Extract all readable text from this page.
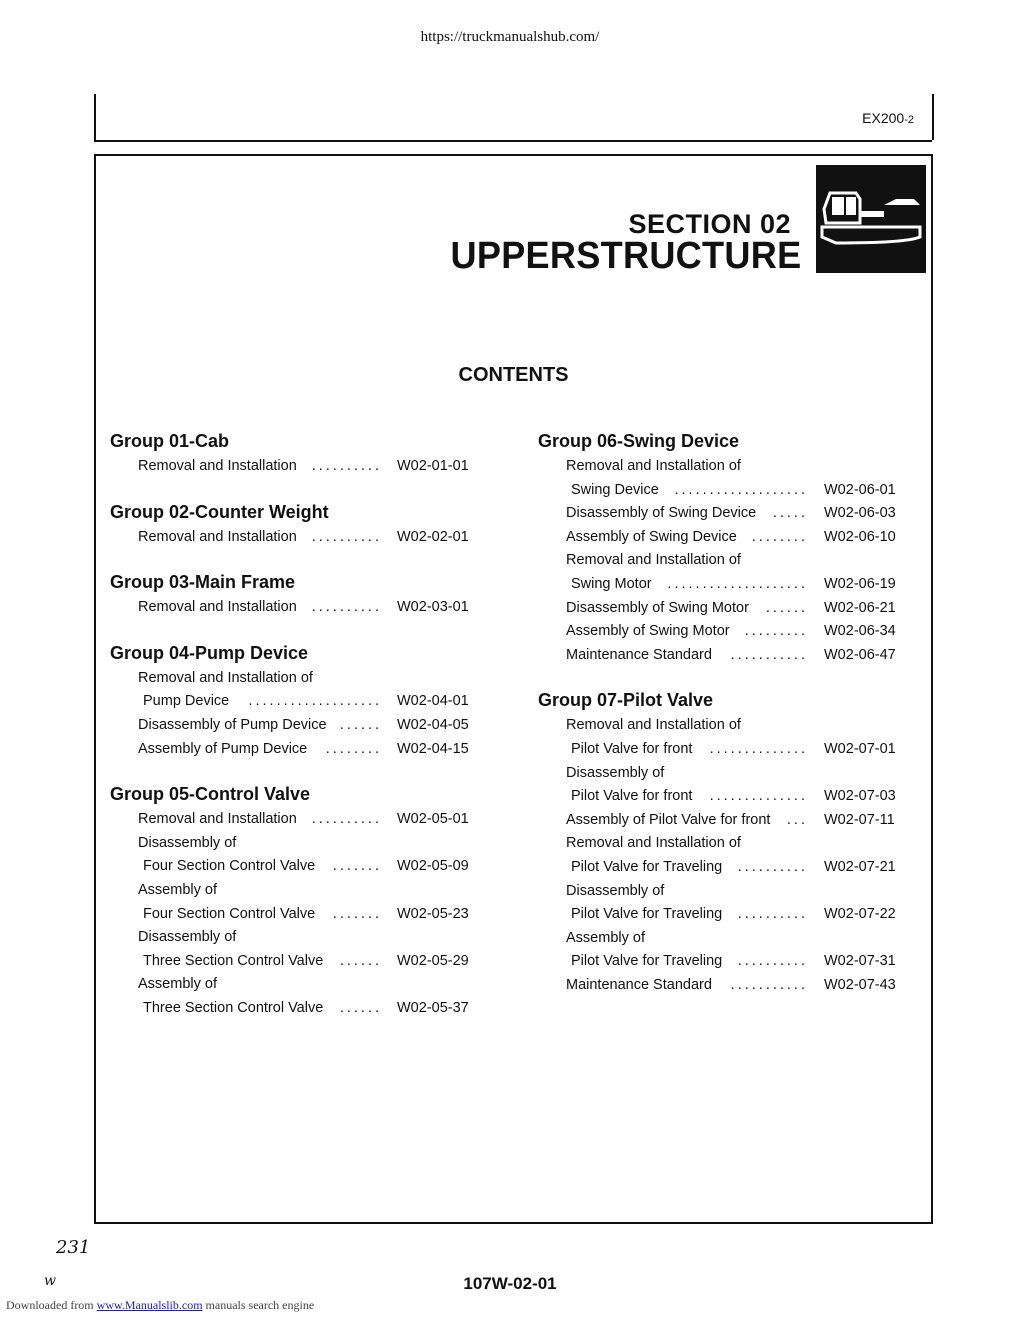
https://truckmanualshub.com/
EX200-2
SECTION 02
UPPERSTRUCTURE
CONTENTS
Group 01-Cab
Removal and Installation .......... W02-01-01
Group 02-Counter Weight
Removal and Installation .......... W02-02-01
Group 03-Main Frame
Removal and Installation .......... W02-03-01
Group 04-Pump Device
Removal and Installation of
Pump Device ................... W02-04-01
Disassembly of Pump Device ...... W02-04-05
Assembly of Pump Device ........ W02-04-15
Group 05-Control Valve
Removal and Installation .......... W02-05-01
Disassembly of
Four Section Control Valve ....... W02-05-09
Assembly of
Four Section Control Valve ....... W02-05-23
Disassembly of
Three Section Control Valve ...... W02-05-29
Assembly of
Three Section Control Valve ...... W02-05-37
Group 06-Swing Device
Removal and Installation of
Swing Device ................... W02-06-01
Disassembly of Swing Device ..... W02-06-03
Assembly of Swing Device ........ W02-06-10
Removal and Installation of
Swing Motor .................... W02-06-19
Disassembly of Swing Motor ...... W02-06-21
Assembly of Swing Motor ......... W02-06-34
Maintenance Standard ........... W02-06-47
Group 07-Pilot Valve
Removal and Installation of
Pilot Valve for front .............. W02-07-01
Disassembly of
Pilot Valve for front .............. W02-07-03
Assembly of Pilot Valve for front ... W02-07-11
Removal and Installation of
Pilot Valve for Traveling .......... W02-07-21
Disassembly of
Pilot Valve for Traveling .......... W02-07-22
Assembly of
Pilot Valve for Traveling .......... W02-07-31
Maintenance Standard ........... W02-07-43
231
w	107W-02-01
Downloaded from www.Manualslib.com manuals search engine
